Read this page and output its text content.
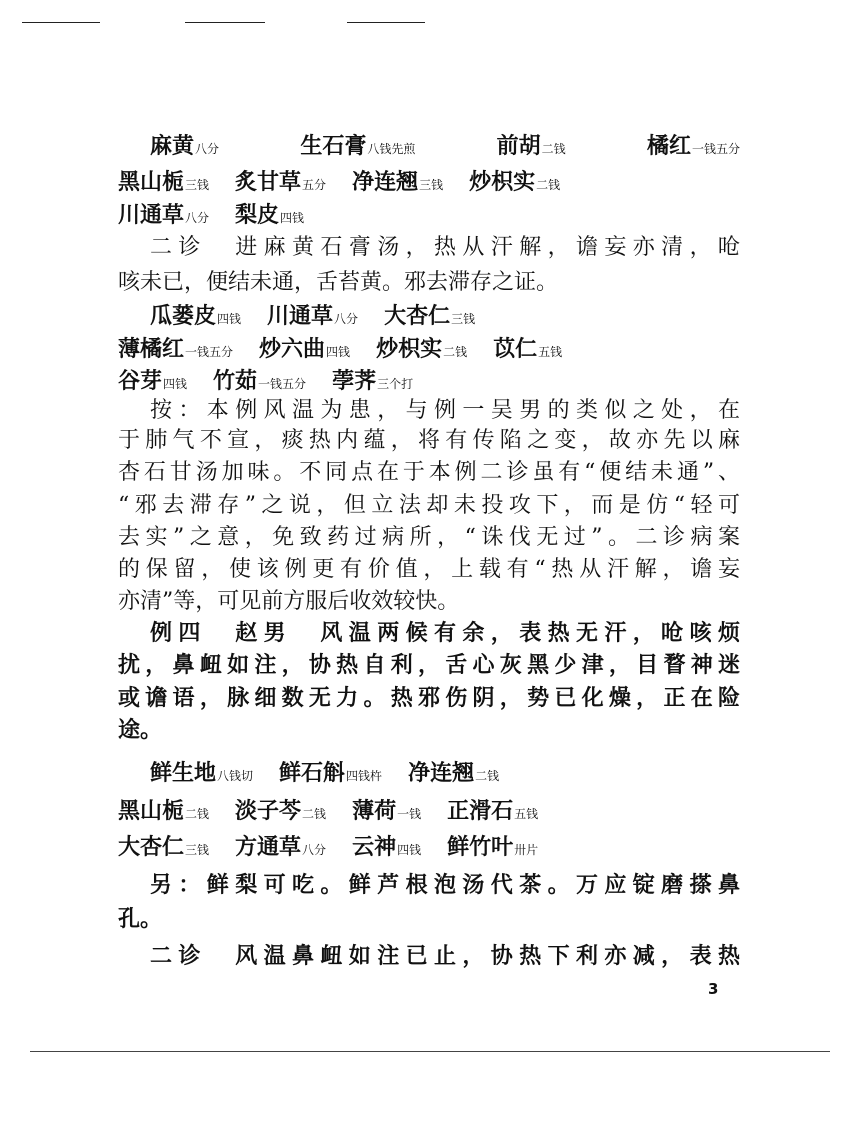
麻黄八分	生石膏八钱先煎	前胡二钱	橘红一钱五分
黑山栀三钱 炙甘草五分 净连翘三钱 炒枳实二钱
川通草八分 梨皮四钱
二诊　进麻黄石膏汤，热从汗解，谵妄亦清，呛
咳未已，便结未通，舌苔黄。邪去滞存之证。
瓜蒌皮四钱 川通草八分 大杏仁三钱
薄橘红一钱五分 炒六曲四钱 炒枳实二钱 苡仁五钱
谷芽四钱 竹茹一钱五分 荸荠三个打
按：本例风温为患，与例一吴男的类似之处，在
于肺气不宣，痰热内蕴，将有传陷之变，故亦先以麻
杏石甘汤加味。不同点在于本例二诊虽有“便结未通”、
“邪去滞存”之说，但立法却未投攻下，而是仿“轻可
去实”之意，免致药过病所，“诛伐无过”。二诊病案
的保留，使该例更有价值，上载有“热从汗解，谵妄
亦清”等，可见前方服后收效较快。
例四　赵男　风温两候有余，表热无汗，呛咳烦
扰，鼻衄如注，协热自利，舌心灰黑少津，目瞀神迷
或谵语，脉细数无力。热邪伤阴，势已化燥，正在险
途。
鲜生地八钱切 鲜石斛四钱杵 净连翘二钱
黑山栀二钱 淡子芩二钱 薄荷一钱 正滑石五钱
大杏仁三钱 方通草八分 云神四钱 鲜竹叶卅片
另：鲜梨可吃。鲜芦根泡汤代茶。万应锭磨搽鼻
孔。
二诊　风温鼻衄如注已止，协热下利亦减，表热
3
